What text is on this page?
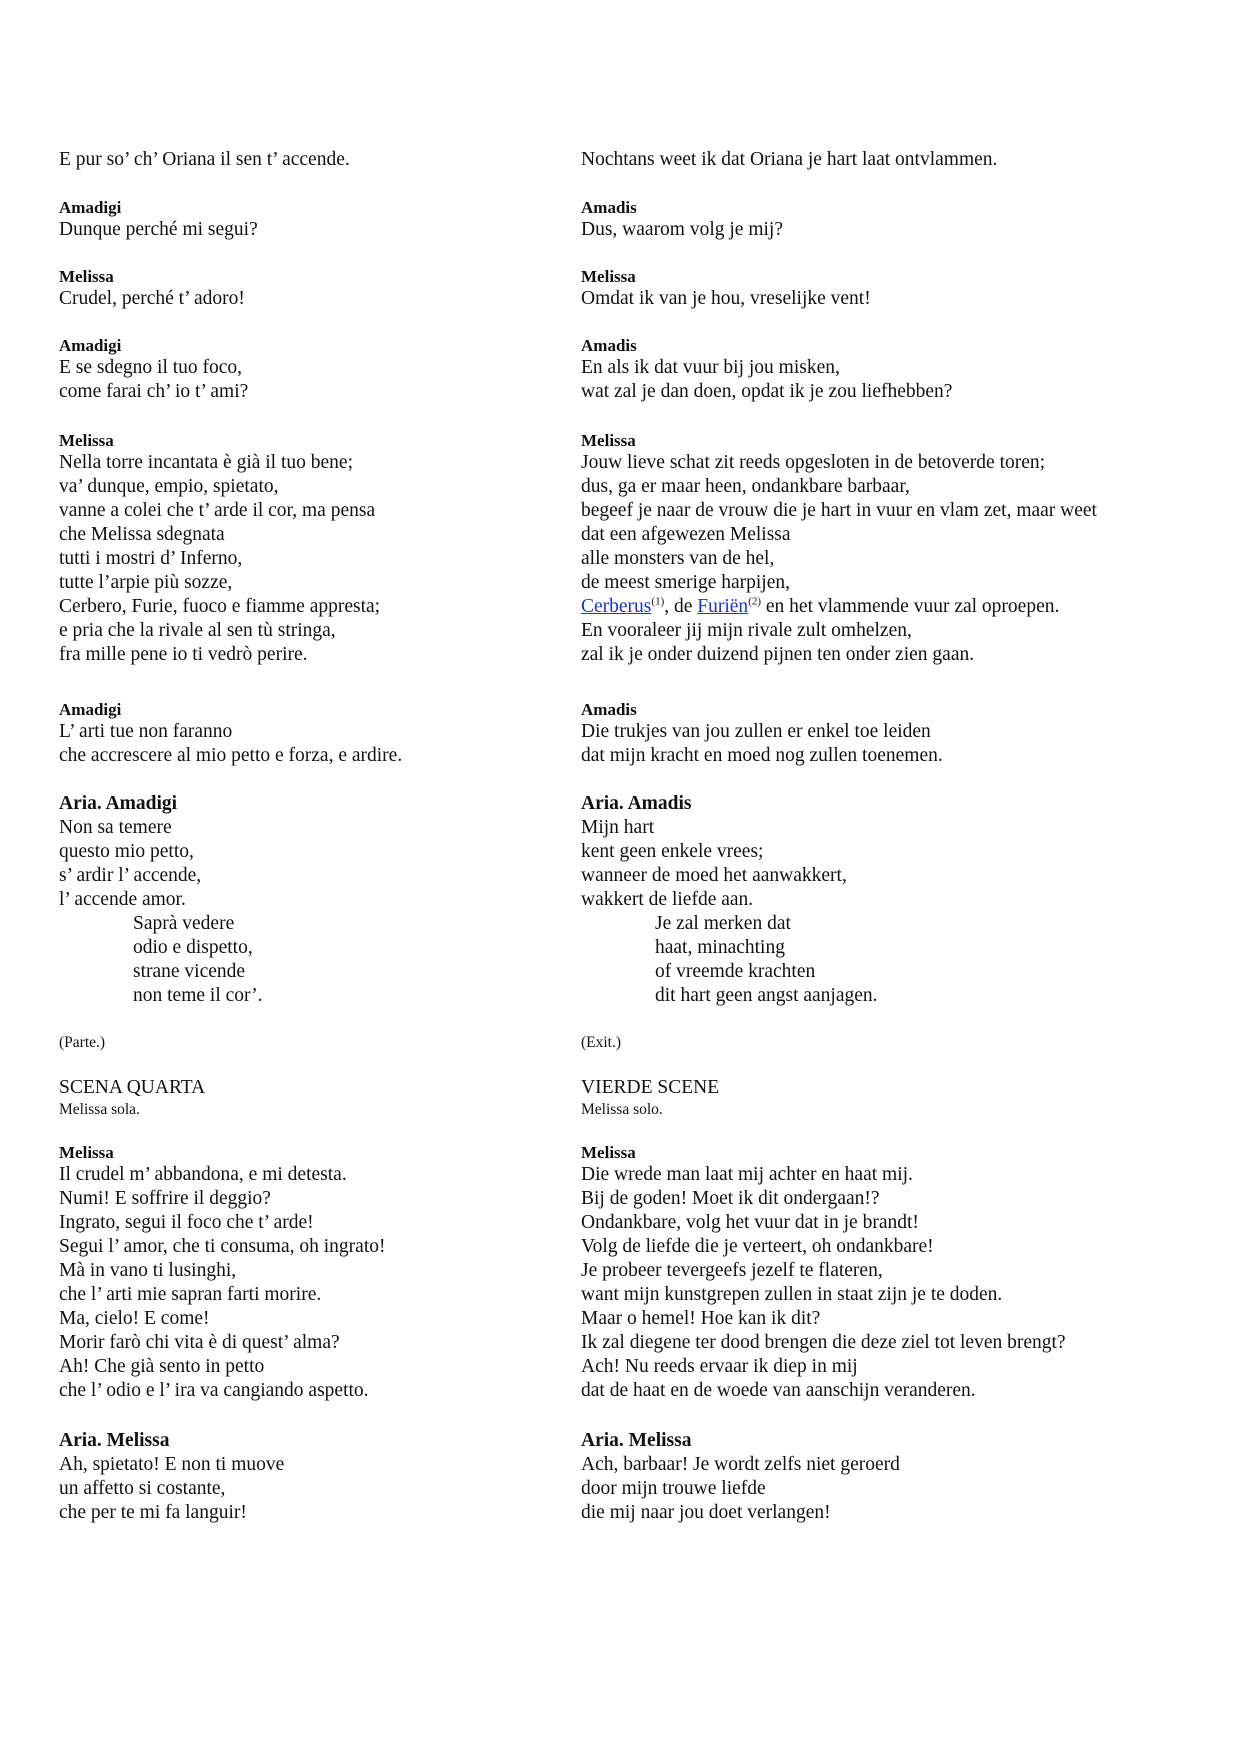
E pur so’ ch’ Oriana il sen t’ accende.

Amadigi

Dunque perché mi segui?

Melissa

Crudel, perché t’ adoro!

Amadigi

E se sdegno il tuo foco,

come farai ch’ io t’ ami?

Melissa

Nella torre incantata è già il tuo bene;

va’ dunque, empio, spietato,

vanne a colei che t’ arde il cor, ma pensa

che Melissa sdegnata

tutti i mostri d’ Inferno,

tutte l’arpie più sozze,

Cerbero, Furie, fuoco e fiamme appresta;

e pria che la rivale al sen tù stringa,

fra mille pene io ti vedrò perire.

Amadigi

L’ arti tue non faranno

che accrescere al mio petto e forza, e ardire.

Aria. Amadigi

Non sa temere

questo mio petto,

s’ ardir l’ accende,

l’ accende amor.

Saprà vedere

odio e dispetto,

strane vicende

non teme il cor’.

(Parte.)

SCENA QUARTA

Melissa sola.

Melissa

Il crudel m’ abbandona, e mi detesta.

Numi! E soffrire il deggio?

Ingrato, segui il foco che t’ arde!

Segui l’ amor, che ti consuma, oh ingrato!

Mà in vano ti lusinghi,

che l’ arti mie sapran farti morire.

Ma, cielo! E come!

Morir farò chi vita è di quest’ alma?

Ah! Che già sento in petto

che l’ odio e l’ ira va cangiando aspetto.

Aria. Melissa

Ah, spietato! E non ti muove

un affetto si costante,

che per te mi fa languir!

Nochtans weet ik dat Oriana je hart laat ontvlammen.

Amadis

Dus, waarom volg je mij?

Melissa

Omdat ik van je hou, vreselijke vent!

Amadis

En als ik dat vuur bij jou misken,

wat zal je dan doen, opdat ik je zou liefhebben?

Melissa

Jouw lieve schat zit reeds opgesloten in de betoverde toren;

dus, ga er maar heen, ondankbare barbaar,

begeef je naar de vrouw die je hart in vuur en vlam zet, maar weet

dat een afgewezen Melissa

alle monsters van de hel,

de meest smerige harpijen,

Cerberus$^{(1)}$, de Furiën$^{(2)}$ en het vlammende vuur zal oproepen.

En vooraleer jij mijn rivale zult omhelzen,

zal ik je onder duizend pijnen ten onder zien gaan.

Amadis

Die trukjes van jou zullen er enkel toe leiden

dat mijn kracht en moed nog zullen toenemen.

Aria. Amadis

Mijn hart

kent geen enkele vrees;

wanneer de moed het aanwakkert,

wakkert de liefde aan.

Je zal merken dat

haat, minachting

of vreemde krachten

dit hart geen angst aanjagen.

(Exit.)

VIERDE SCENE

Melissa solo.

Melissa

Die wrede man laat mij achter en haat mij.

Bij de goden! Moet ik dit ondergaan!?

Ondankbare, volg het vuur dat in je brandt!

Volg de liefde die je verteert, oh ondankbare!

Je probeer tevergeefs jezelf te flateren,

want mijn kunstgrepen zullen in staat zijn je te doden.

Maar o hemel! Hoe kan ik dit?

Ik zal diegene ter dood brengen die deze ziel tot leven brengt?

Ach! Nu reeds ervaar ik diep in mij

dat de haat en de woede van aanschijn veranderen.

Aria. Melissa

Ach, barbaar! Je wordt zelfs niet geroerd

door mijn trouwe liefde

die mij naar jou doet verlangen!
